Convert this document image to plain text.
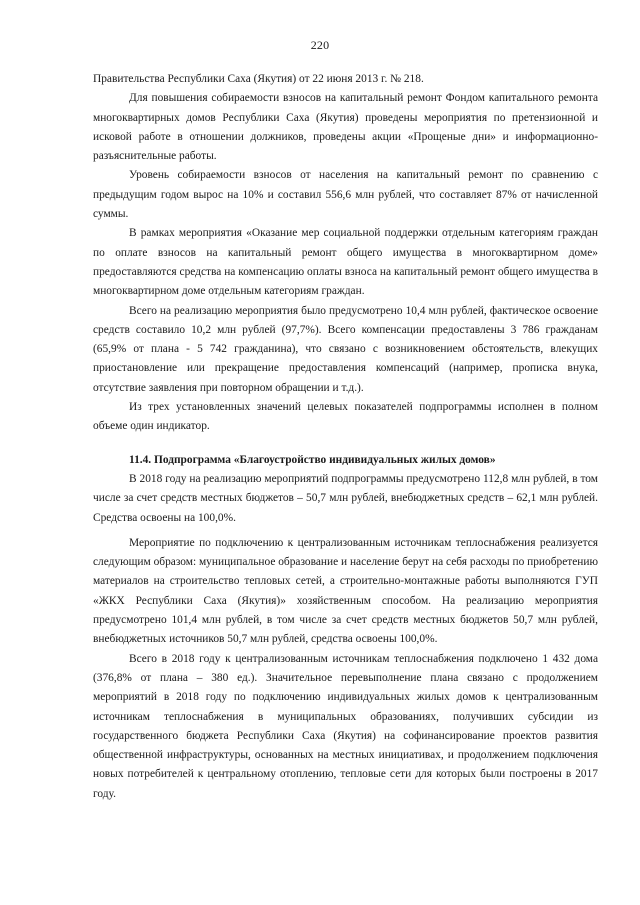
220

Правительства Республики Саха (Якутия) от 22 июня 2013 г. № 218.

Для повышения собираемости взносов на капитальный ремонт Фондом капитального ремонта многоквартирных домов Республики Саха (Якутия) проведены мероприятия по претензионной и исковой работе в отношении должников, проведены акции «Прощеные дни» и информационно-разъяснительные работы.

Уровень собираемости взносов от населения на капитальный ремонт по сравнению с предыдущим годом вырос на 10% и составил 556,6 млн рублей, что составляет 87% от начисленной суммы.

В рамках мероприятия «Оказание мер социальной поддержки отдельным категориям граждан по оплате взносов на капитальный ремонт общего имущества в многоквартирном доме» предоставляются средства на компенсацию оплаты взноса на капитальный ремонт общего имущества в многоквартирном доме отдельным категориям граждан.

Всего на реализацию мероприятия было предусмотрено 10,4 млн рублей, фактическое освоение средств составило 10,2 млн рублей (97,7%). Всего компенсации предоставлены 3 786 гражданам (65,9% от плана - 5 742 гражданина), что связано с возникновением обстоятельств, влекущих приостановление или прекращение предоставления компенсаций (например, прописка внука, отсутствие заявления при повторном обращении и т.д.).

Из трех установленных значений целевых показателей подпрограммы исполнен в полном объеме один индикатор.

11.4. Подпрограмма «Благоустройство индивидуальных жилых домов»

В 2018 году на реализацию мероприятий подпрограммы предусмотрено 112,8 млн рублей, в том числе за счет средств местных бюджетов – 50,7 млн рублей, внебюджетных средств – 62,1 млн рублей. Средства освоены на 100,0%.

Мероприятие по подключению к централизованным источникам теплоснабжения реализуется следующим образом: муниципальное образование и население берут на себя расходы по приобретению материалов на строительство тепловых сетей, а строительно-монтажные работы выполняются ГУП «ЖКХ Республики Саха (Якутия)» хозяйственным способом. На реализацию мероприятия предусмотрено 101,4 млн рублей, в том числе за счет средств местных бюджетов 50,7 млн рублей, внебюджетных источников 50,7 млн рублей, средства освоены 100,0%.

Всего в 2018 году к централизованным источникам теплоснабжения подключено 1 432 дома (376,8% от плана – 380 ед.). Значительное перевыполнение плана связано с продолжением мероприятий в 2018 году по подключению индивидуальных жилых домов к централизованным источникам теплоснабжения в муниципальных образованиях, получивших субсидии из государственного бюджета Республики Саха (Якутия) на софинансирование проектов развития общественной инфраструктуры, основанных на местных инициативах, и продолжением подключения новых потребителей к центральному отоплению, тепловые сети для которых были построены в 2017 году.
